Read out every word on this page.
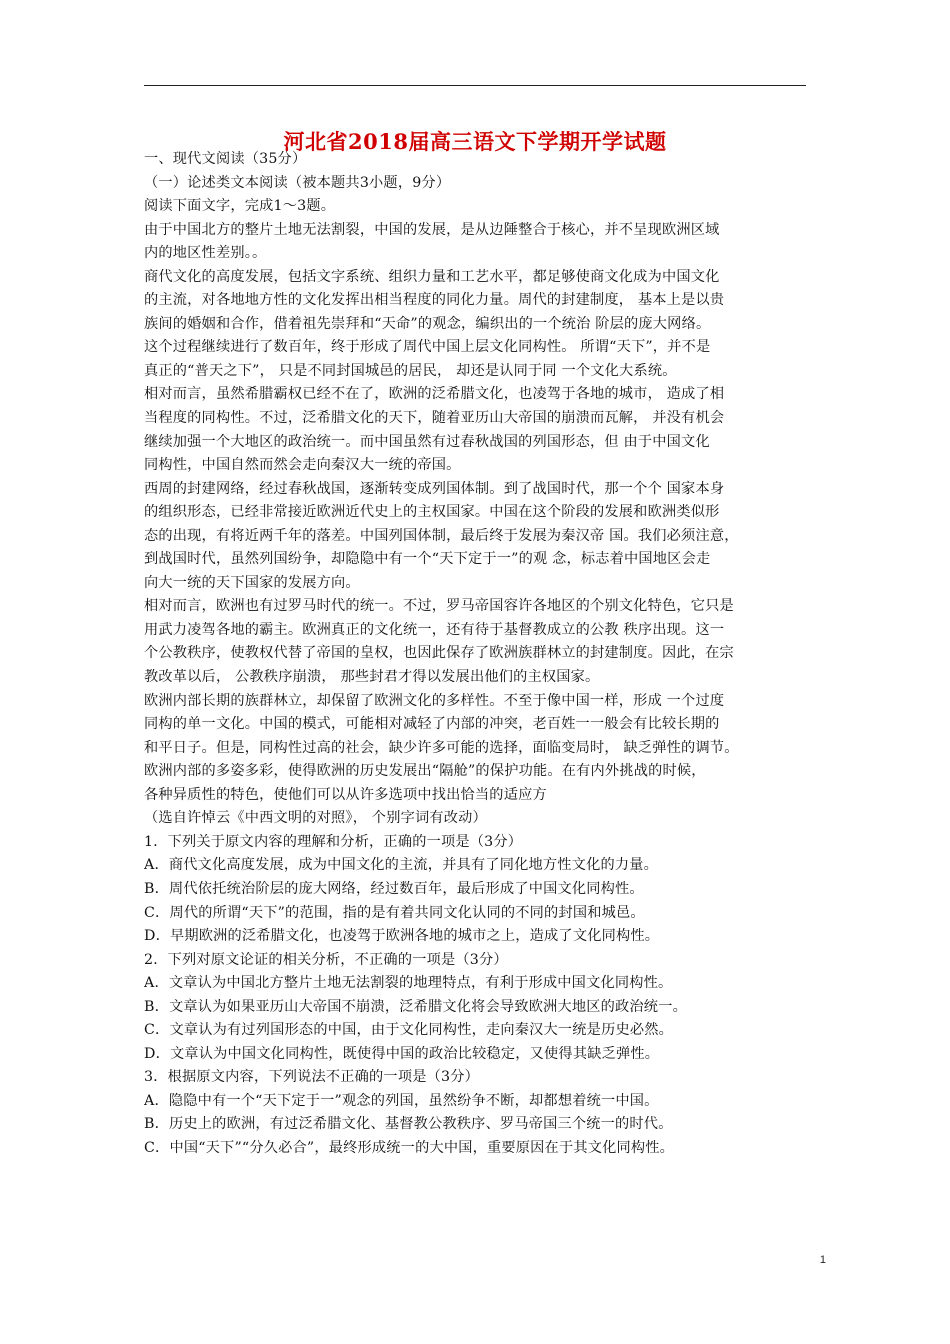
河北省2018届高三语文下学期开学试题
一、现代文阅读（35分）
（一）论述类文本阅读（被本题共3小题，9分）
阅读下面文字，完成1～3题。
由于中国北方的整片土地无法割裂，中国的发展，是从边陲整合于核心，并不呈现欧洲区域
内的地区性差别。。
商代文化的高度发展，包括文字系统、组织力量和工艺水平，都足够使商文化成为中国文化
的主流，对各地地方性的文化发挥出相当程度的同化力量。周代的封建制度， 基本上是以贵
族间的婚姻和合作，借着祖先崇拜和“天命”的观念，编织出的一个统治 阶层的庞大网络。
这个过程继续进行了数百年，终于形成了周代中国上层文化同构性。 所谓“天下”，并不是
真正的“普天之下”， 只是不同封国城邑的居民， 却还是认同于同 一个文化大系统。
相对而言，虽然希腊霸权已经不在了，欧洲的泛希腊文化，也凌驾于各地的城市， 造成了相
当程度的同构性。不过，泛希腊文化的天下，随着亚历山大帝国的崩溃而瓦解， 并没有机会
继续加强一个大地区的政治统一。而中国虽然有过春秋战国的列国形态，但 由于中国文化
同构性，中国自然而然会走向秦汉大一统的帝国。
西周的封建网络，经过春秋战国，逐渐转变成列国体制。到了战国时代，那一个个 国家本身
的组织形态，已经非常接近欧洲近代史上的主权国家。中国在这个阶段的发展和欧洲类似形
态的出现，有将近两千年的落差。中国列国体制，最后终于发展为秦汉帝 国。我们必须注意，
到战国时代，虽然列国纷争，却隐隐中有一个“天下定于一”的观 念，标志着中国地区会走
向大一统的天下国家的发展方向。
相对而言，欧洲也有过罗马时代的统一。不过，罗马帝国容许各地区的个别文化特色，它只是
用武力凌驾各地的霸主。欧洲真正的文化统一，还有待于基督教成立的公教 秩序出现。这一
个公教秩序，使教权代替了帝国的皇权，也因此保存了欧洲族群林立的封建制度。因此，在宗
教改革以后， 公教秩序崩溃， 那些封君才得以发展出他们的主权国家。
欧洲内部长期的族群林立，却保留了欧洲文化的多样性。不至于像中国一样，形成 一个过度
同构的单一文化。中国的模式，可能相对减轻了内部的冲突，老百姓一一般会有比较长期的
和平日子。但是，同构性过高的社会，缺少许多可能的选择，面临变局时， 缺乏弹性的调节。
欧洲内部的多姿多彩，使得欧洲的历史发展出“隔舱”的保护功能。在有内外挑战的时候，
各种异质性的特色，使他们可以从许多选项中找出恰当的适应方
（选自许悼云《中西文明的对照》， 个别字词有改动）
1．下列关于原文内容的理解和分析，正确的一项是（3分）
A．商代文化高度发展，成为中国文化的主流，并具有了同化地方性文化的力量。
B．周代依托统治阶层的庞大网络，经过数百年，最后形成了中国文化同构性。
C．周代的所谓“天下”的范围，指的是有着共同文化认同的不同的封国和城邑。
D．早期欧洲的泛希腊文化，也凌驾于欧洲各地的城市之上，造成了文化同构性。
2．下列对原文论证的相关分析，不正确的一项是（3分）
A．文章认为中国北方整片土地无法割裂的地理特点，有利于形成中国文化同构性。
B．文章认为如果亚历山大帝国不崩溃，泛希腊文化将会导致欧洲大地区的政治统一。
C．文章认为有过列国形态的中国，由于文化同构性，走向秦汉大一统是历史必然。
D．文章认为中国文化同构性，既使得中国的政治比较稳定，又使得其缺乏弹性。
3．根据原文内容，下列说法不正确的一项是（3分）
A．隐隐中有一个“天下定于一”观念的列国，虽然纷争不断，却都想着统一中国。
B．历史上的欧洲，有过泛希腊文化、基督教公教秩序、罗马帝国三个统一的时代。
C．中国“天下”“分久必合”，最终形成统一的大中国，重要原因在于其文化同构性。
1
